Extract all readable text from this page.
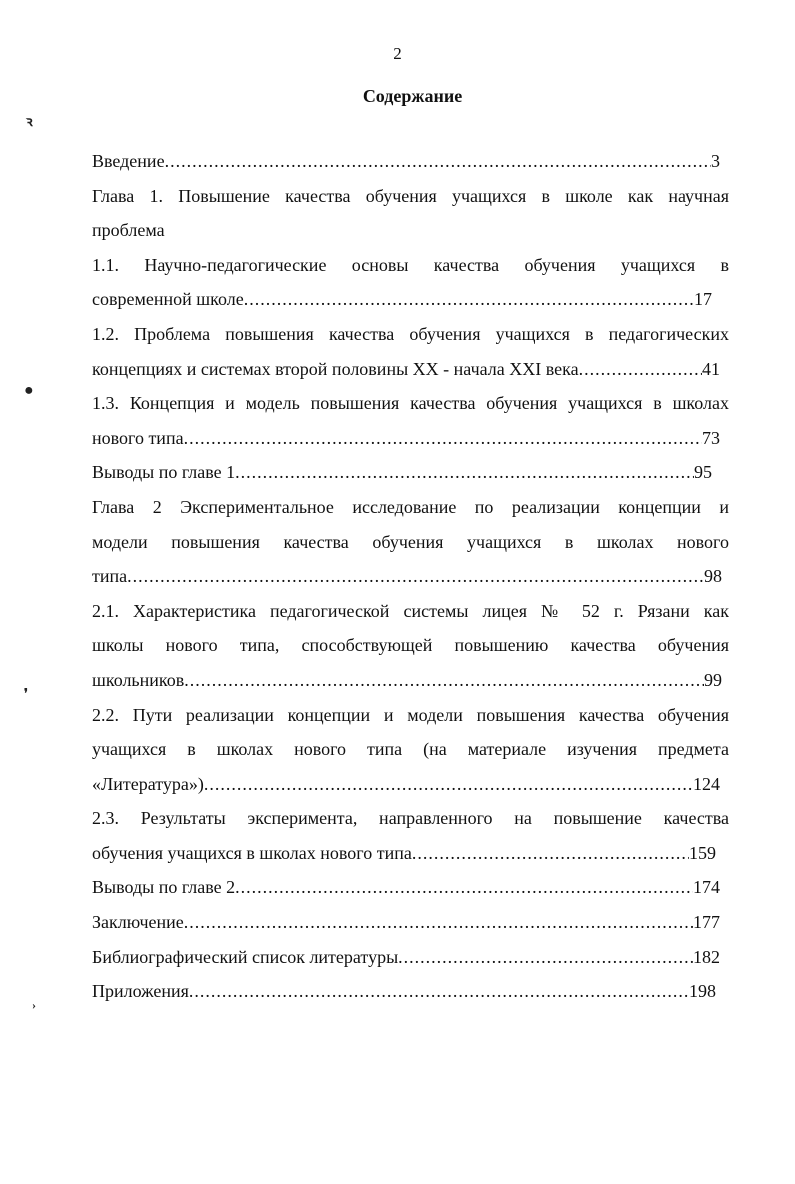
2
Содержание
ꝛ
●
❜
›
Введение .....	3
Глава 1. Повышение качества обучения учащихся в школе как научная
проблема
1.1. Научно-педагогические основы качества обучения учащихся в
современной школе .....	17
1.2. Проблема повышения качества обучения учащихся в педагогических
концепциях и системах второй половины XX - начала XXI века .....	41
1.3. Концепция и модель повышения качества обучения учащихся в школах
нового типа .....	73
Выводы по главе 1 .....	95
Глава 2 Экспериментальное исследование по реализации концепции и
модели повышения качества обучения учащихся в школах нового
типа .....	98
2.1. Характеристика педагогической системы лицея № 52 г. Рязани как
школы нового типа, способствующей повышению качества обучения
школьников .....	99
2.2. Пути реализации концепции и модели повышения качества обучения
учащихся в школах нового типа (на материале изучения предмета
«Литература») .....	124
2.3. Результаты эксперимента, направленного на повышение качества
обучения учащихся в школах нового типа .....	159
Выводы по главе 2 .....	174
Заключение .....	177
Библиографический список литературы .....	182
Приложения .....	198
